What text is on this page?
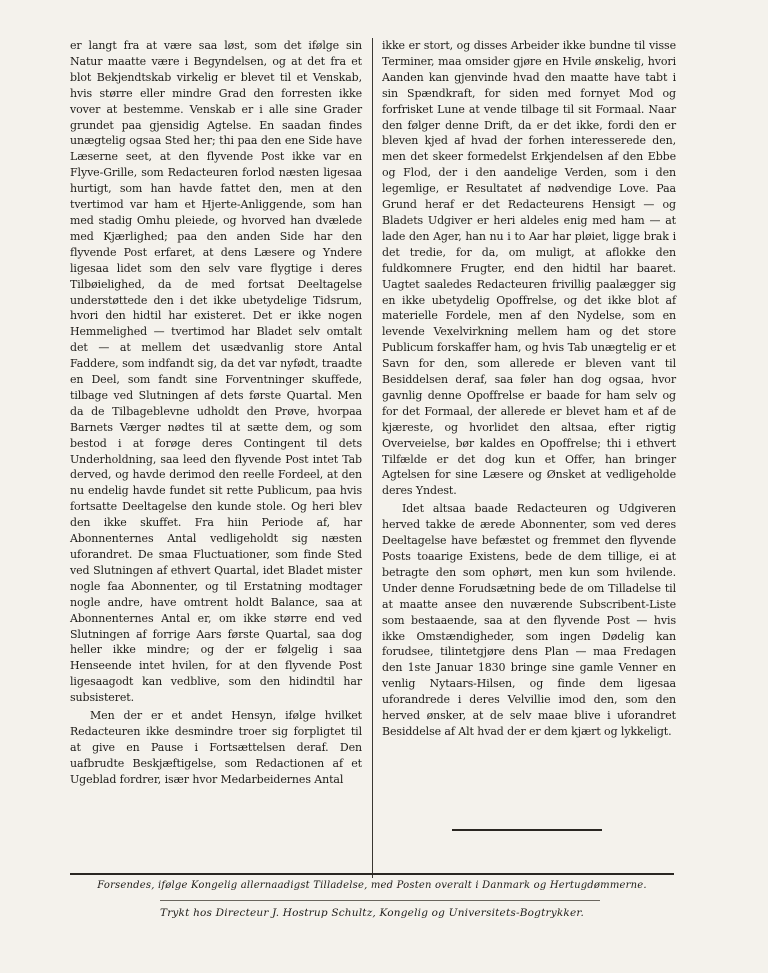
er langt fra at være saa løst, som det ifølge sin Natur maatte være i Begyndelsen, og at det fra et blot Bekjendtskab virkelig er blevet til et Venskab, hvis større eller mindre Grad den forresten ikke vover at bestemme. Venskab er i alle sine Grader grundet paa gjensidig Agtelse. En saadan findes unægtelig ogsaa Sted her; thi paa den ene Side have Læserne seet, at den flyvende Post ikke var en Flyve-Grille, som Redacteuren forlod næsten ligesaa hurtigt, som han havde fattet den, men at den tvertimod var ham et Hjerte-Anliggende, som han med stadig Omhu pleiede, og hvorved han dvælede med Kjærlighed; paa den anden Side har den flyvende Post erfaret, at dens Læsere og Yndere ligesaa lidet som den selv vare flygtige i deres Tilbøielighed, da de med fortsat Deeltagelse understøttede den i det ikke ubetydelige Tidsrum, hvori den hidtil har existeret. Det er ikke nogen Hemmelighed — tvertimod har Bladet selv omtalt det — at mellem det usædvanlig store Antal Faddere, som indfandt sig, da det var nyfødt, traadte en Deel, som fandt sine Forventninger skuffede, tilbage ved Slutningen af dets første Quartal. Men da de Tilbageblevne udholdt den Prøve, hvorpaa Barnets Værger nødtes til at sætte dem, og som bestod i at forøge deres Contingent til dets Underholdning, saa leed den flyvende Post intet Tab derved, og havde derimod den reelle Fordeel, at den nu endelig havde fundet sit rette Publicum, paa hvis fortsatte Deeltagelse den kunde stole. Og heri blev den ikke skuffet. Fra hiin Periode af, har Abonnenternes Antal vedligeholdt sig næsten uforandret. De smaa Fluctuationer, som finde Sted ved Slutningen af ethvert Quartal, idet Bladet mister nogle faa Abonnenter, og til Erstatning modtager nogle andre, have omtrent holdt Balance, saa at Abonnenternes Antal er, om ikke større end ved Slutningen af forrige Aars første Quartal, saa dog heller ikke mindre; og der er følgelig i saa Henseende intet hvilen, for at den flyvende Post ligesaagodt kan vedblive, som den hidindtil har subsisteret.

Men der er et andet Hensyn, ifølge hvilket Redacteuren ikke desmindre troer sig forpligtet til at give en Pause i Fortsættelsen deraf. Den uafbrudte Beskjæftigelse, som Redactionen af et Ugeblad fordrer, især hvor Medarbeidernes Antal

ikke er stort, og disses Arbeider ikke bundne til visse Terminer, maa omsider gjøre en Hvile ønskelig, hvori Aanden kan gjenvinde hvad den maatte have tabt i sin Spændkraft, for siden med fornyet Mod og forfrisket Lune at vende tilbage til sit Formaal. Naar den følger denne Drift, da er det ikke, fordi den er bleven kjed af hvad der forhen interesserede den, men det skeer formedelst Erkjendelsen af den Ebbe og Flod, der i den aandelige Verden, som i den legemlige, er Resultatet af nødvendige Love. Paa Grund heraf er det Redacteurens Hensigt — og Bladets Udgiver er heri aldeles enig med ham — at lade den Ager, han nu i to Aar har pløiet, ligge brak i det tredie, for da, om muligt, at aflokke den fuldkomnere Frugter, end den hidtil har baaret. Uagtet saaledes Redacteuren frivillig paalægger sig en ikke ubetydelig Opoffrelse, og det ikke blot af materielle Fordele, men af den Nydelse, som en levende Vexelvirkning mellem ham og det store Publicum forskaffer ham, og hvis Tab unægtelig er et Savn for den, som allerede er bleven vant til Besiddelsen deraf, saa føler han dog ogsaa, hvor gavnlig denne Opoffrelse er baade for ham selv og for det Formaal, der allerede er blevet ham et af de kjæreste, og hvorlidet den altsaa, efter rigtig Overveielse, bør kaldes en Opoffrelse; thi i ethvert Tilfælde er det dog kun et Offer, han bringer Agtelsen for sine Læsere og Ønsket at vedligeholde deres Yndest.

Idet altsaa baade Redacteuren og Udgiveren herved takke de ærede Abonnenter, som ved deres Deeltagelse have befæstet og fremmet den flyvende Posts toaarige Existens, bede de dem tillige, ei at betragte den som ophørt, men kun som hvilende. Under denne Forudsætning bede de om Tilladelse til at maatte ansee den nuværende Subscribent-Liste som bestaaende, saa at den flyvende Post — hvis ikke Omstændigheder, som ingen Dødelig kan forudsee, tilintetgjøre dens Plan — maa Fredagen den 1ste Januar 1830 bringe sine gamle Venner en venlig Nytaars-Hilsen, og finde dem ligesaa uforandrede i deres Velvillie imod den, som den herved ønsker, at de selv maae blive i uforandret Besiddelse af Alt hvad der er dem kjært og lykkeligt.

Forsendes, ifølge Kongelig allernaadigst Tilladelse, med Posten overalt i Danmark og Hertugdømmerne.
Trykt hos Directeur J. Hostrup Schultz, Kongelig og Universitets-Bogtrykker.
